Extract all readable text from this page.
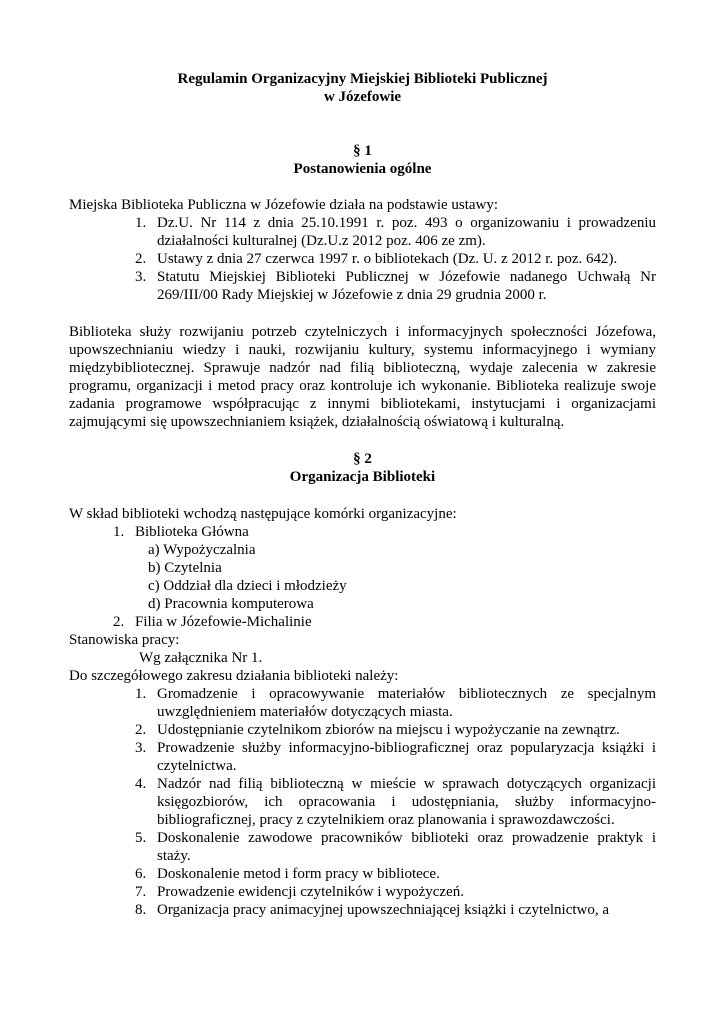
Regulamin Organizacyjny Miejskiej Biblioteki Publicznej

w Józefowie

§ 1

Postanowienia ogólne

Miejska Biblioteka Publiczna w Józefowie działa na podstawie ustawy:

1. Dz.U. Nr 114 z dnia 25.10.1991 r. poz. 493 o organizowaniu i prowadzeniu działalności kulturalnej (Dz.U.z 2012 poz. 406 ze zm).
2. Ustawy z dnia 27 czerwca 1997 r. o bibliotekach (Dz. U. z 2012 r. poz. 642).
3. Statutu Miejskiej Biblioteki Publicznej w Józefowie nadanego Uchwałą Nr 269/III/00 Rady Miejskiej w Józefowie z dnia 29 grudnia 2000 r.

Biblioteka służy rozwijaniu potrzeb czytelniczych i informacyjnych społeczności Józefowa, upowszechnianiu wiedzy i nauki, rozwijaniu kultury, systemu informacyjnego i wymiany międzybibliotecznej. Sprawuje nadzór nad filią biblioteczną, wydaje zalecenia w zakresie programu, organizacji i metod pracy oraz kontroluje ich wykonanie. Biblioteka realizuje swoje zadania programowe współpracując z innymi bibliotekami, instytucjami i organizacjami zajmującymi się upowszechnianiem książek, działalnością oświatową i kulturalną.

§ 2

Organizacja Biblioteki

W skład biblioteki wchodzą następujące komórki organizacyjne:

1. Biblioteka Główna

a) Wypożyczalnia

b) Czytelnia

c) Oddział dla dzieci i młodzieży

d) Pracownia komputerowa

2. Filia w Józefowie-Michalinie

Stanowiska pracy:

Wg załącznika Nr 1.

Do szczegółowego zakresu działania biblioteki należy:

1. Gromadzenie i opracowywanie materiałów bibliotecznych ze specjalnym uwzględnieniem materiałów dotyczących miasta.
2. Udostępnianie czytelnikom zbiorów na miejscu i wypożyczanie na zewnątrz.
3. Prowadzenie służby informacyjno-bibliograficznej oraz popularyzacja książki i czytelnictwa.
4. Nadzór nad filią biblioteczną w mieście w sprawach dotyczących organizacji księgozbiorów, ich opracowania i udostępniania, służby informacyjno-bibliograficznej, pracy z czytelnikiem oraz planowania i sprawozdawczości.
5. Doskonalenie zawodowe pracowników biblioteki oraz prowadzenie praktyk i staży.
6. Doskonalenie metod i form pracy w bibliotece.
7. Prowadzenie ewidencji czytelników i wypożyczeń.
8. Organizacja pracy animacyjnej upowszechniającej książki i czytelnictwo, a
